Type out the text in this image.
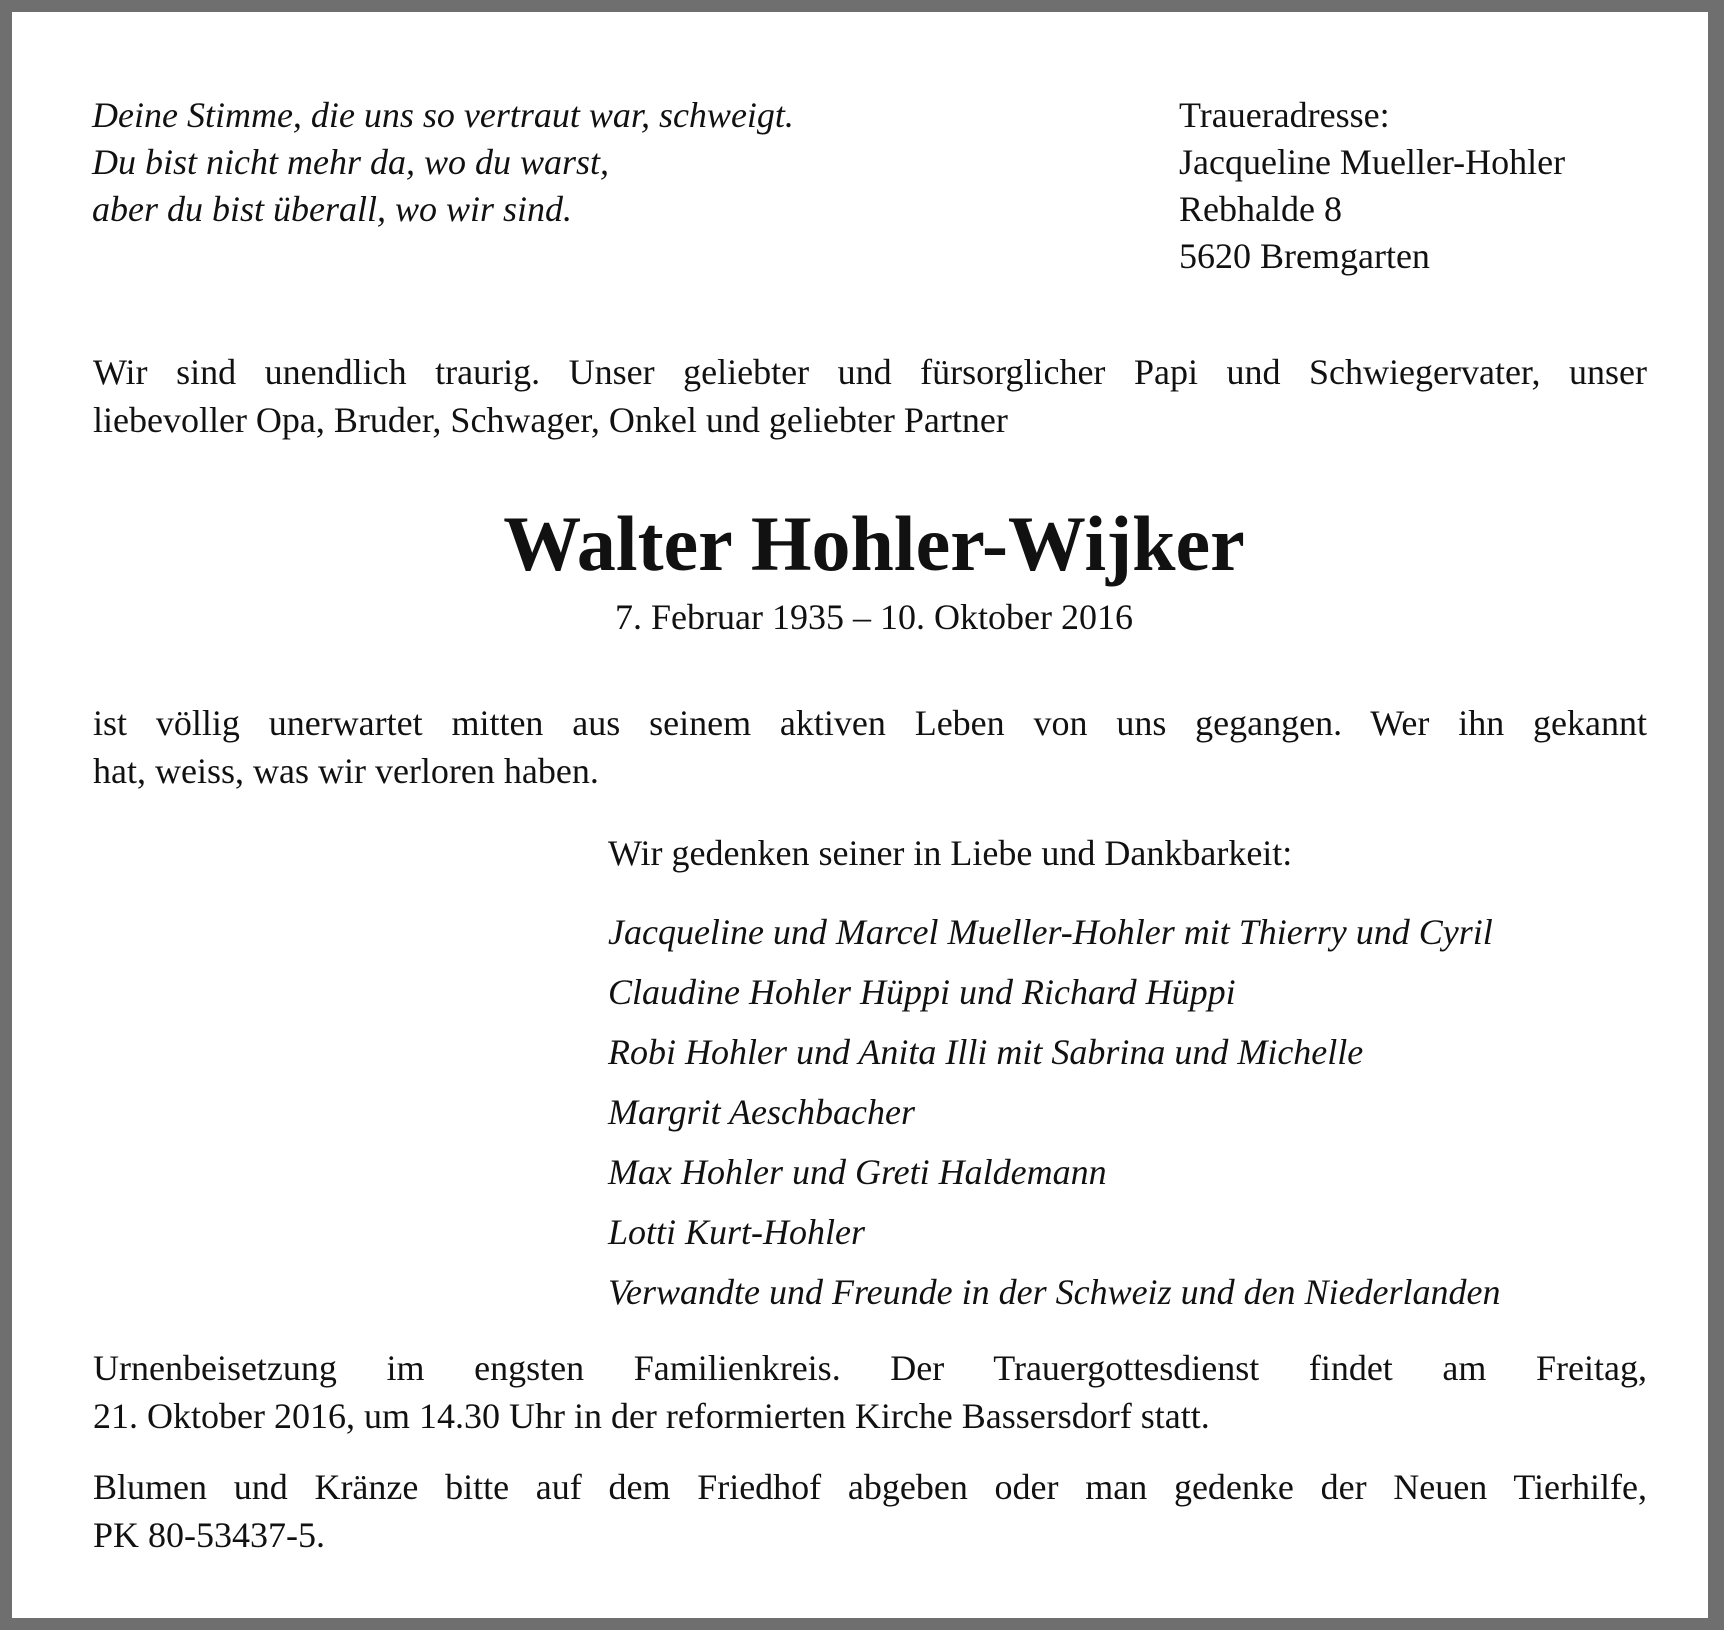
Deine Stimme, die uns so vertraut war, schweigt.
Du bist nicht mehr da, wo du warst,
aber du bist überall, wo wir sind.
Traueradresse:
Jacqueline Mueller-Hohler
Rebhalde 8
5620 Bremgarten
Wir sind unendlich traurig. Unser geliebter und fürsorglicher Papi und Schwiegervater, unser
liebevoller Opa, Bruder, Schwager, Onkel und geliebter Partner
Walter Hohler-Wijker
7. Februar 1935 – 10. Oktober 2016
ist völlig unerwartet mitten aus seinem aktiven Leben von uns gegangen. Wer ihn gekannt
hat, weiss, was wir verloren haben.
Wir gedenken seiner in Liebe und Dankbarkeit:
Jacqueline und Marcel Mueller-Hohler mit Thierry und Cyril
Claudine Hohler Hüppi und Richard Hüppi
Robi Hohler und Anita Illi mit Sabrina und Michelle
Margrit Aeschbacher
Max Hohler und Greti Haldemann
Lotti Kurt-Hohler
Verwandte und Freunde in der Schweiz und den Niederlanden
Urnenbeisetzung im engsten Familienkreis. Der Trauergottesdienst findet am Freitag,
21. Oktober 2016, um 14.30 Uhr in der reformierten Kirche Bassersdorf statt.
Blumen und Kränze bitte auf dem Friedhof abgeben oder man gedenke der Neuen Tierhilfe,
PK 80-53437-5.
